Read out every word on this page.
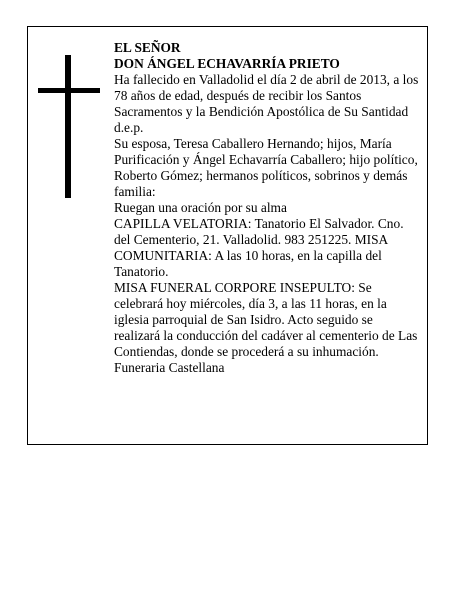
EL SEÑOR

DON ÁNGEL ECHAVARRÍA PRIETO

Ha fallecido en Valladolid el día 2 de abril de 2013, a los 78 años de edad, después de recibir los Santos Sacramentos y la Bendición Apostólica de Su Santidad d.e.p.

Su esposa, Teresa Caballero Hernando; hijos, María Purificación y Ángel Echavarría Caballero; hijo político, Roberto Gómez; hermanos políticos, sobrinos y demás familia:

Ruegan una oración por su alma

CAPILLA VELATORIA: Tanatorio El Salvador. Cno. del Cementerio, 21. Valladolid. 983 251225. MISA COMUNITARIA: A las 10 horas, en la capilla del Tanatorio.

MISA FUNERAL CORPORE INSEPULTO: Se celebrará hoy miércoles, día 3, a las 11 horas, en la iglesia parroquial de San Isidro. Acto seguido se realizará la conducción del cadáver al cementerio de Las Contiendas, donde se procederá a su inhumación.

Funeraria Castellana
